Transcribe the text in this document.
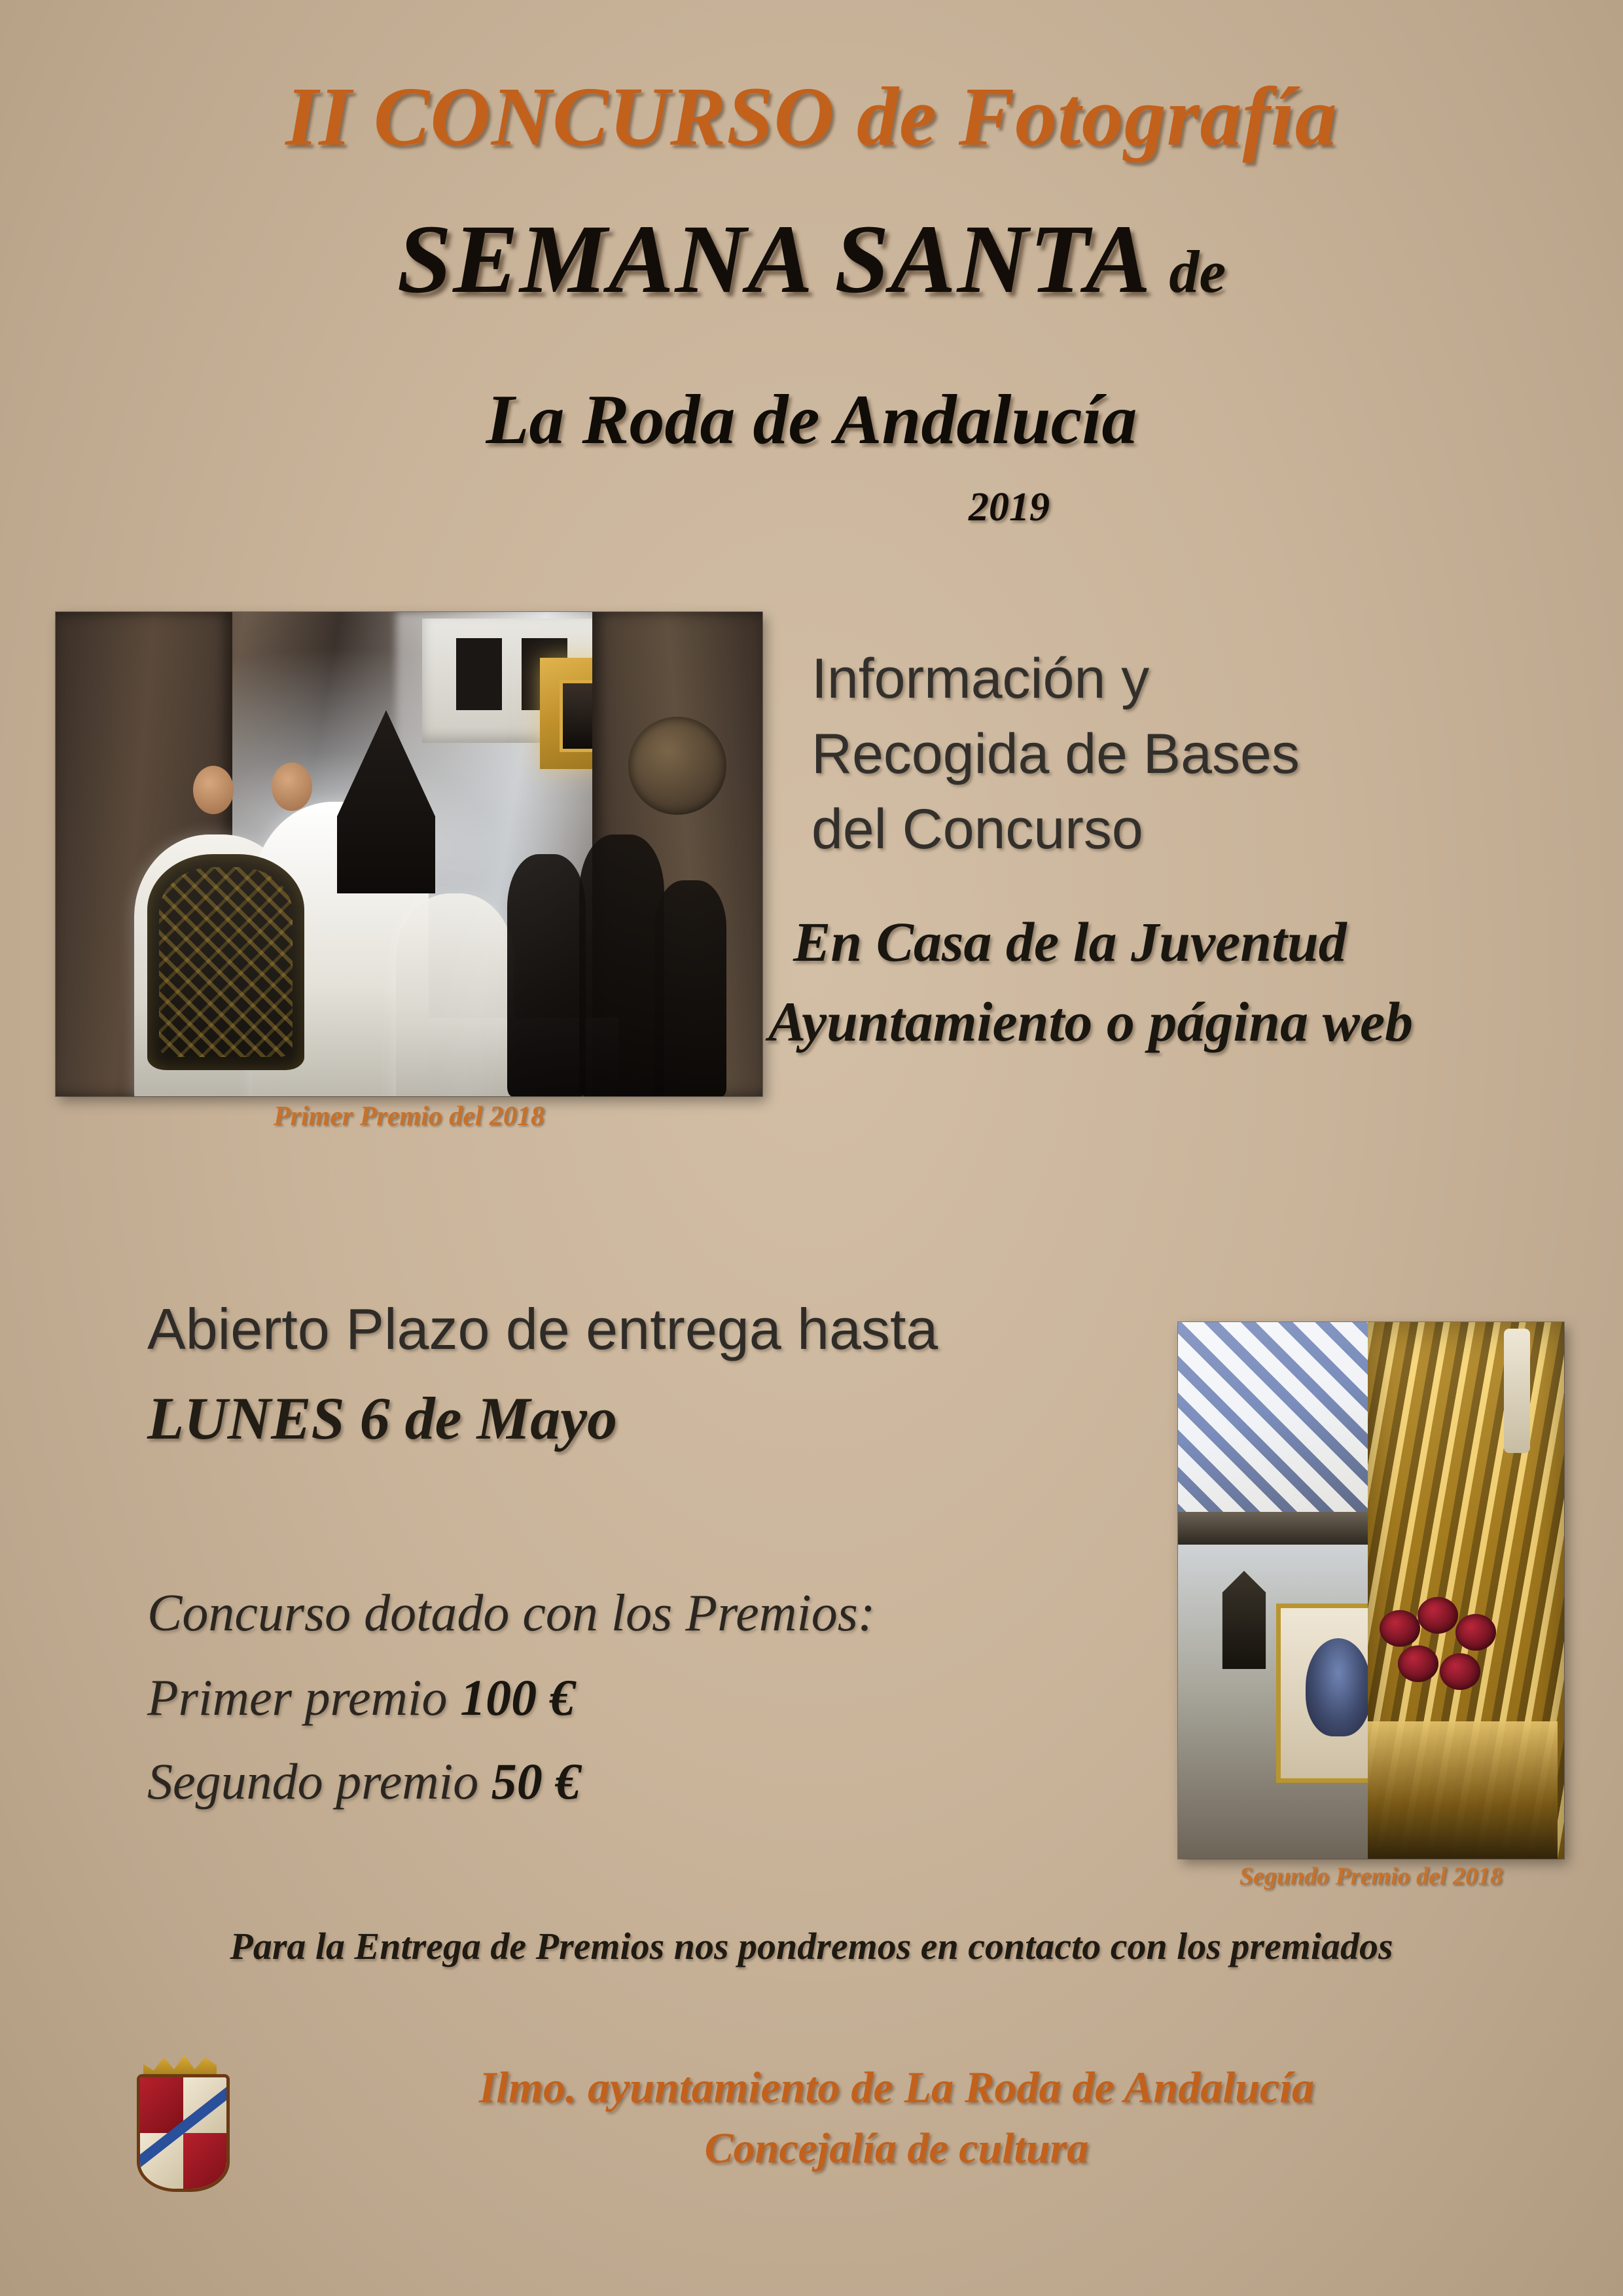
II CONCURSO de Fotografía
SEMANA SANTA de
La Roda de Andalucía
2019
Primer Premio del 2018
Información y
Recogida de Bases
del Concurso
En Casa de la Juventud
Ayuntamiento o página web
Abierto Plazo de entrega hasta
LUNES 6 de Mayo
Concurso dotado con los Premios:
Primer premio 100 €
Segundo premio 50 €
Segundo Premio del 2018
Para la Entrega de Premios nos pondremos en contacto con los premiados
Ilmo. ayuntamiento de La Roda de Andalucía
Concejalía de cultura
